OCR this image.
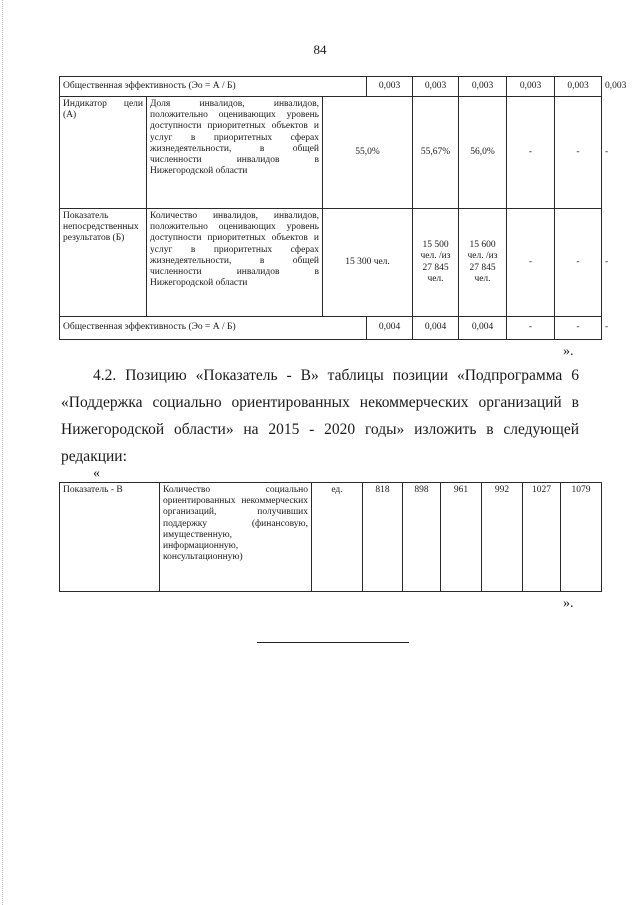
84
Общественная эффективность (Эо = А / Б)			0,003	0,003	0,003	0,003	0,003	0,003
Индикатор цели (А)	Доля инвалидов, инвалидов, положительно оценивающих уровень доступности приоритетных объектов и услуг в приоритетных сферах жизнедеятельности, в общей численности инвалидов в Нижегородской области	55,0%		55,67%	56,0%	-	-	-
Показатель непосредственных результатов (Б)	Количество инвалидов, инвалидов, положительно оценивающих уровень доступности приоритетных объектов и услуг в приоритетных сферах жизнедеятельности, в общей численности инвалидов в Нижегородской области	15 300 чел.		15 500 чел. /из 27 845 чел.	15 600 чел. /из 27 845 чел.	-	-	-
Общественная эффективность (Эо = А / Б)			0,004	0,004	0,004	-	-	-
».

4.2. Позицию «Показатель - В» таблицы позиции «Подпрограмма 6 «Поддержка социально ориентированных некоммерческих организаций в Нижегородской области» на 2015 - 2020 годы» изложить в следующей редакции:

«
Показатель - В	Количество социально ориентированных некоммерческих организаций, получивших поддержку (финансовую, имущественную, информационную, консультационную)	ед.	818	898	961	992	1027	1079
».
